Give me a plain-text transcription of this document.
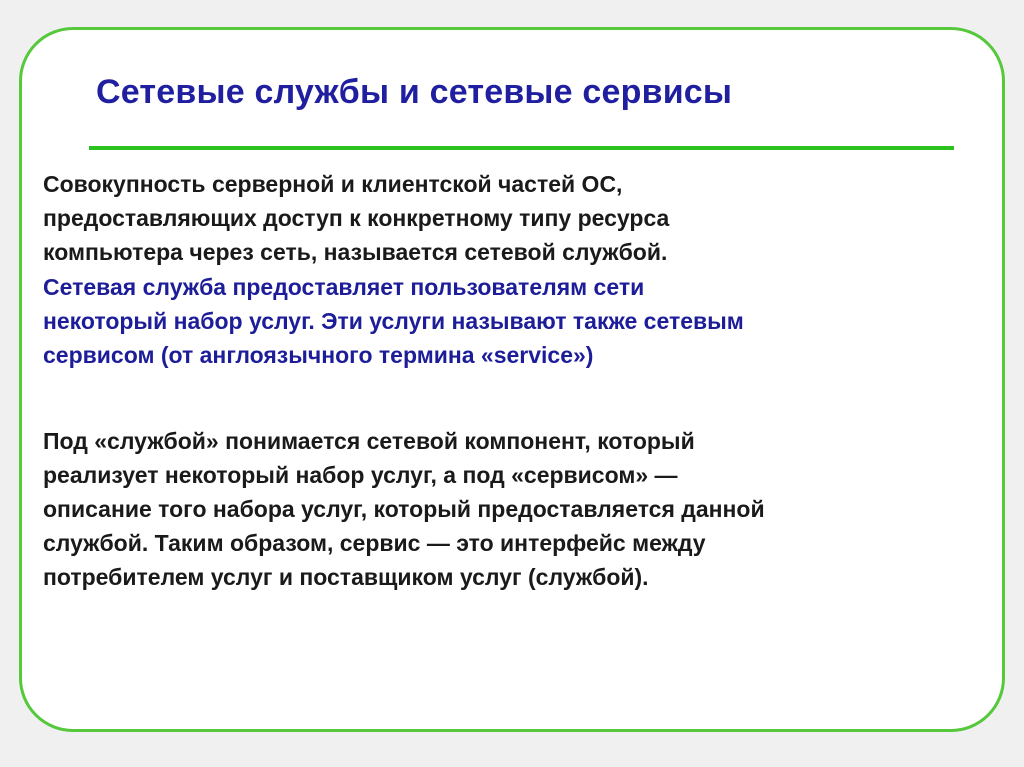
Сетевые службы и сетевые сервисы

Совокупность серверной и клиентской частей ОС,
предоставляющих доступ к конкретному типу ресурса
компьютера через сеть, называется сетевой службой.

Сетевая служба предоставляет пользователям сети
некоторый набор услуг. Эти услуги называют также сетевым
сервисом (от англоязычного термина «service»)

Под «службой» понимается сетевой компонент, который
реализует некоторый набор услуг, а под «сервисом» —
описание того набора услуг, который предоставляется данной
службой. Таким образом, сервис — это интерфейс между
потребителем услуг и поставщиком услуг (службой).
